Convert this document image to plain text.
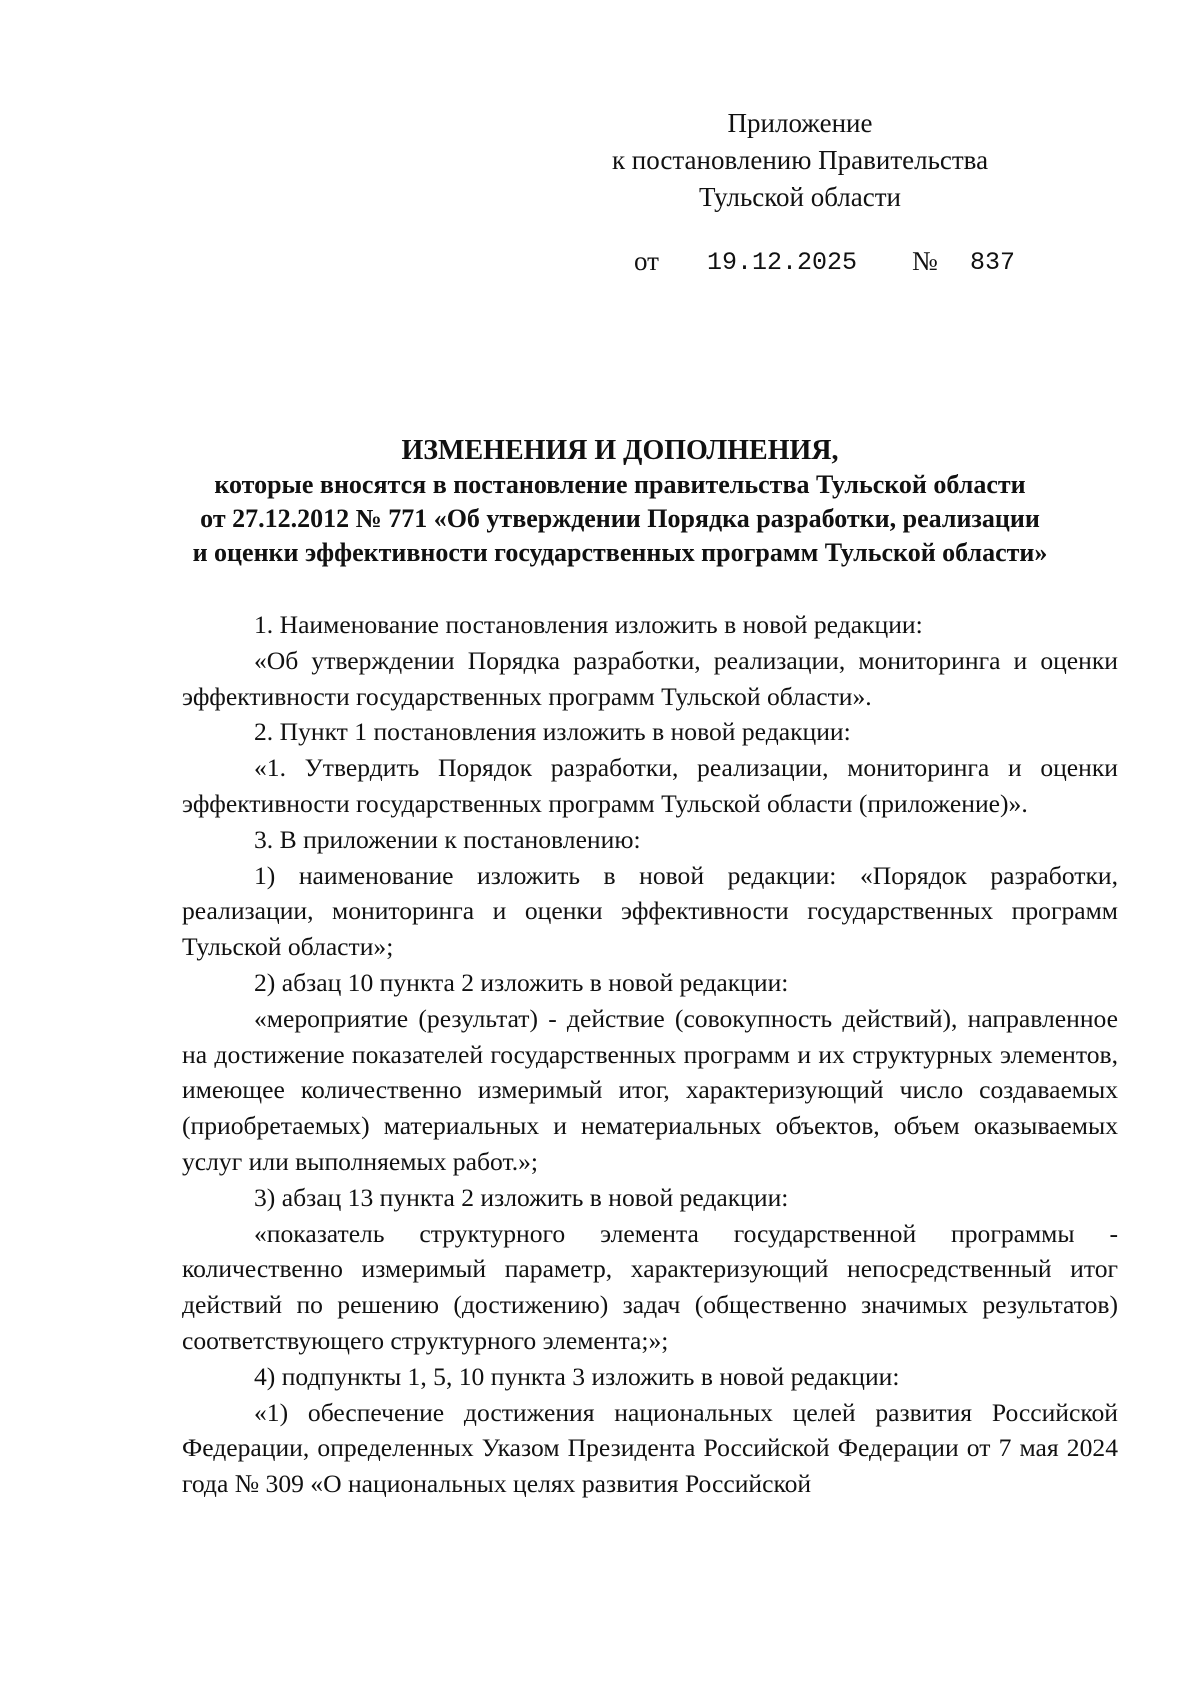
Приложение
к постановлению Правительства
Тульской области
от 19.12.2025 № 837
ИЗМЕНЕНИЯ И ДОПОЛНЕНИЯ,
которые вносятся в постановление правительства Тульской области
от 27.12.2012 № 771 «Об утверждении Порядка разработки, реализации
и оценки эффективности государственных программ Тульской области»

1. Наименование постановления изложить в новой редакции:

«Об утверждении Порядка разработки, реализации, мониторинга и оценки эффективности государственных программ Тульской области».

2. Пункт 1 постановления изложить в новой редакции:

«1. Утвердить Порядок разработки, реализации, мониторинга и оценки эффективности государственных программ Тульской области (приложение)».

3. В приложении к постановлению:

1) наименование изложить в новой редакции: «Порядок разработки, реализации, мониторинга и оценки эффективности государственных программ Тульской области»;

2) абзац 10 пункта 2 изложить в новой редакции:

«мероприятие (результат) - действие (совокупность действий), направленное на достижение показателей государственных программ и их структурных элементов, имеющее количественно измеримый итог, характеризующий число создаваемых (приобретаемых) материальных и нематериальных объектов, объем оказываемых услуг или выполняемых работ.»;

3) абзац 13 пункта 2 изложить в новой редакции:

«показатель структурного элемента государственной программы - количественно измеримый параметр, характеризующий непосредственный итог действий по решению (достижению) задач (общественно значимых результатов) соответствующего структурного элемента;»;

4) подпункты 1, 5, 10 пункта 3 изложить в новой редакции:

«1) обеспечение достижения национальных целей развития Российской Федерации, определенных Указом Президента Российской Федерации от 7 мая 2024 года № 309 «О национальных целях развития Российской
